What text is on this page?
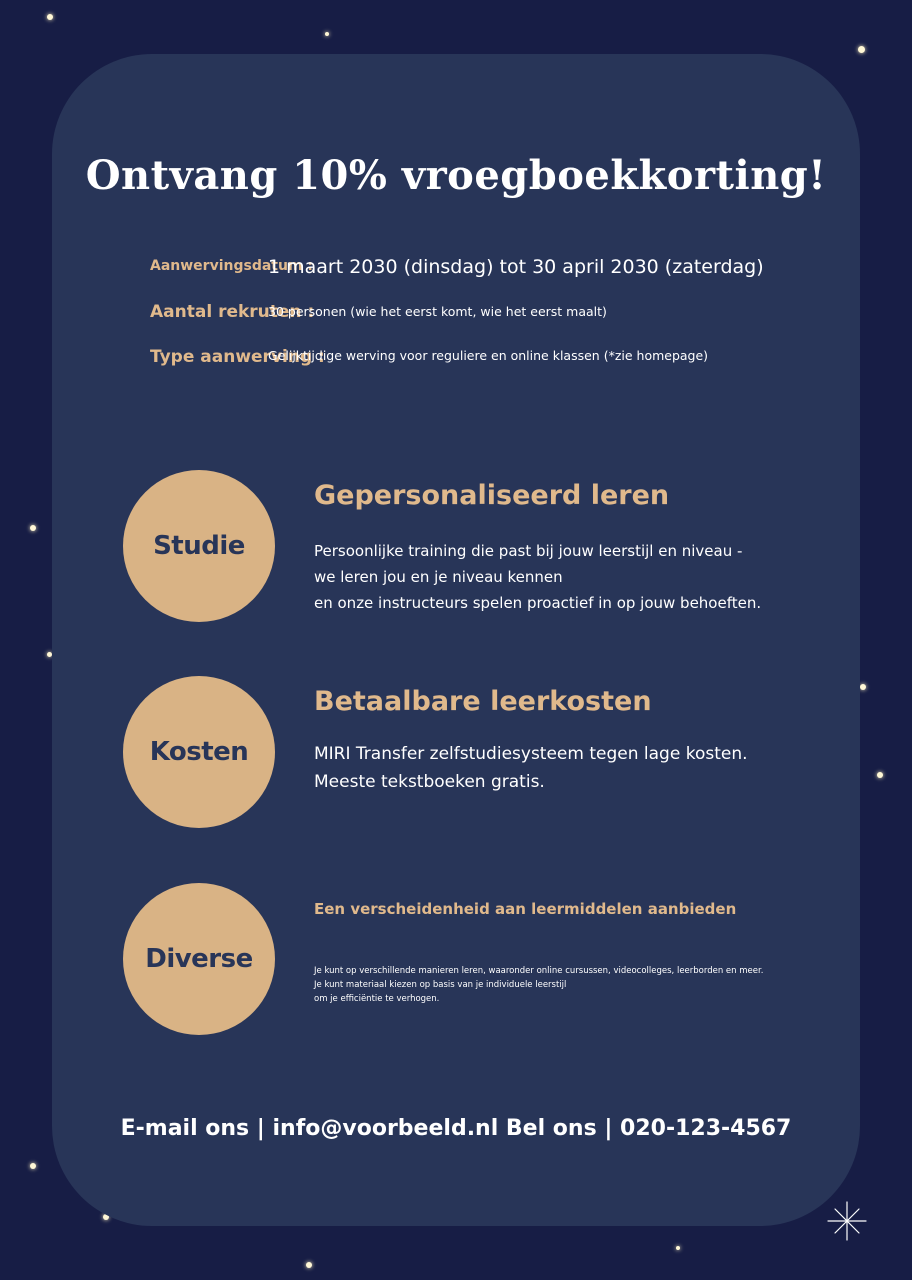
Ontvang 10% vroegboekkorting!
Aanwervingsdatum :
1 maart 2030 (dinsdag) tot 30 april 2030 (zaterdag)
Aantal rekruten :
30 personen (wie het eerst komt, wie het eerst maalt)
Type aanwerving :
Gelijktijdige werving voor reguliere en online klassen (*zie homepage)
Studie
Gepersonaliseerd leren
Persoonlijke training die past bij jouw leerstijl en niveau -
we leren jou en je niveau kennen
en onze instructeurs spelen proactief in op jouw behoeften.
Kosten
Betaalbare leerkosten
MIRI Transfer zelfstudiesysteem tegen lage kosten.
Meeste tekstboeken gratis.
Diverse
Een verscheidenheid aan leermiddelen aanbieden
Je kunt op verschillende manieren leren, waaronder online cursussen, videocolleges, leerborden en meer.
Je kunt materiaal kiezen op basis van je individuele leerstijl
om je efficiëntie te verhogen.
E-mail ons | info@voorbeeld.nl Bel ons | 020-123-4567
